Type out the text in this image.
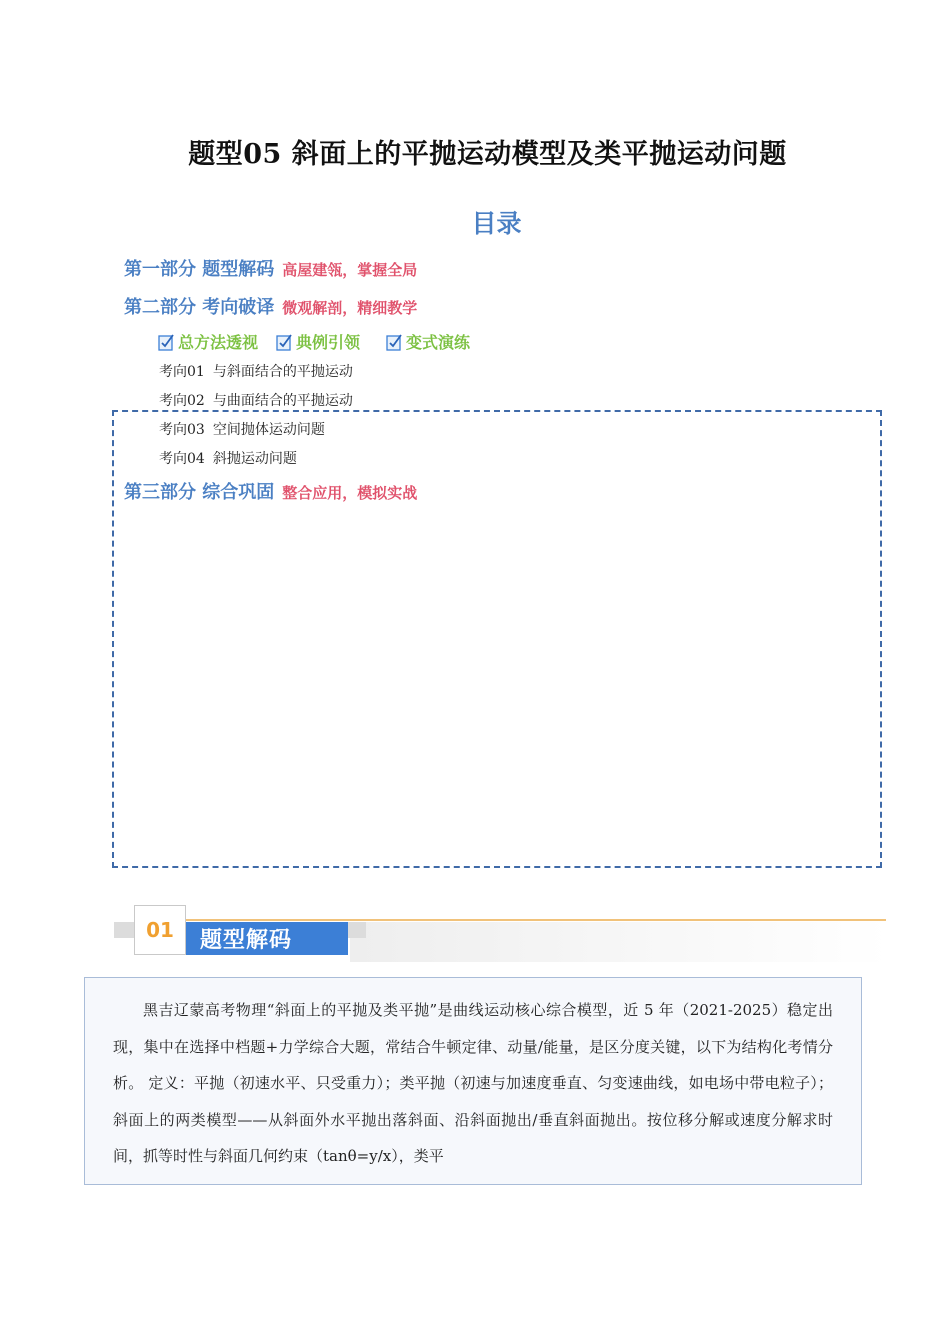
题型05 斜面上的平抛运动模型及类平抛运动问题
目录
第一部分 题型解码 高屋建瓴，掌握全局
第二部分 考向破译 微观解剖，精细教学
总方法透视 典例引领	变式演练
考向01 与斜面结合的平抛运动
考向02 与曲面结合的平抛运动
考向03 空间抛体运动问题
考向04 斜抛运动问题
第三部分 综合巩固 整合应用，模拟实战
01	题型解码

黑吉辽蒙高考物理“斜面上的平抛及类平抛”是曲线运动核心综合模型，近 5 年（2021-2025）稳定出现，集中在选择中档题+力学综合大题，常结合牛顿定律、动量/能量，是区分度关键，以下为结构化考情分析。 定义：平抛（初速水平、只受重力）；类平抛（初速与加速度垂直、匀变速曲线，如电场中带电粒子）；斜面上的两类模型——从斜面外水平抛出落斜面、沿斜面抛出/垂直斜面抛出。按位移分解或速度分解求时间，抓等时性与斜面几何约束（tanθ=y/x），类平
